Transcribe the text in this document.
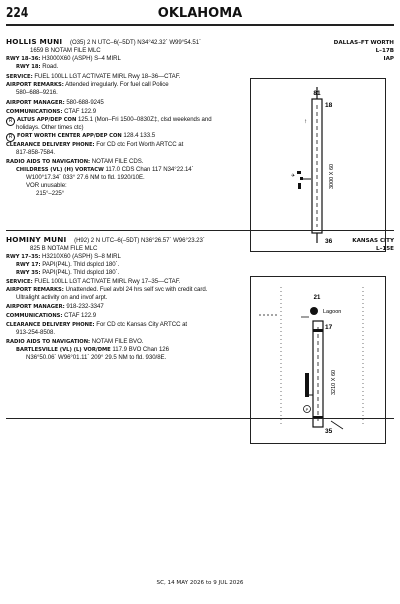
224	OKLAHOMA
HOLLIS MUNI (O35) 2 N UTC–6(–5DT) N34°42.32´ W99°54.51´	DALLAS–FT WORTH
1659 B NOTAM FILE MLC	L–17B
RWY 18–36: H3000X60 (ASPH) S–4 MIRL	IAP
RWY 18: Road.
SERVICE: FUEL 100LL LGT ACTIVATE MIRL Rwy 18–36—CTAF.
AIRPORT REMARKS: Attended irregularly. For fuel call Police
580–688–9216.
AIRPORT MANAGER: 580-688-9245
COMMUNICATIONS: CTAF 122.9
R ALTUS APP/DEP CON 125.1 (Mon–Fri 1500–0830Z‡, clsd weekends and
holidays. Other times ctc)
R FORT WORTH CENTER APP/DEP CON 128.4 133.5
CLEARANCE DELIVERY PHONE: For CD ctc Fort Worth ARTCC at
817-858-7584.
RADIO AIDS TO NAVIGATION: NOTAM FILE CDS.
CHILDRESS (VL) (H) VORTACW 117.0 CDS Chan 117 N34°22.14´
W100°17.34´ 033° 27.6 NM to fld. 1920/10E.
VOR unusable:
215°–225°
81
18
36
3000 X 60
↑
✈
HOMINY MUNI (H92) 2 N UTC–6(–5DT) N36°26.57´ W96°23.23´	KANSAS CITY
825 B NOTAM FILE MLC	L–15E
RWY 17–35: H3210X60 (ASPH) S–8 MIRL
RWY 17: PAPI(P4L). Thld dsplcd 180´.
RWY 35: PAPI(P4L). Thld dsplcd 180´.
SERVICE: FUEL 100LL LGT ACTIVATE MIRL Rwy 17–35—CTAF.
AIRPORT REMARKS: Unattended. Fuel avbl 24 hrs self svc with credit card.
Ultralight activity on and invof arpt.
AIRPORT MANAGER: 918-232-3347
COMMUNICATIONS: CTAF 122.9
CLEARANCE DELIVERY PHONE: For CD ctc Kansas City ARTCC at
913-254-8508.
RADIO AIDS TO NAVIGATION: NOTAM FILE BVO.
BARTLESVILLE (VL) (L) VOR/DME 117.9 BVO Chan 126
N36°50.06´ W96°01.11´ 209° 29.5 NM to fld. 930/8E.
Lagoon
21
P
17
35
3210 X 60
SC, 14 MAY 2026 to 9 JUL 2026
